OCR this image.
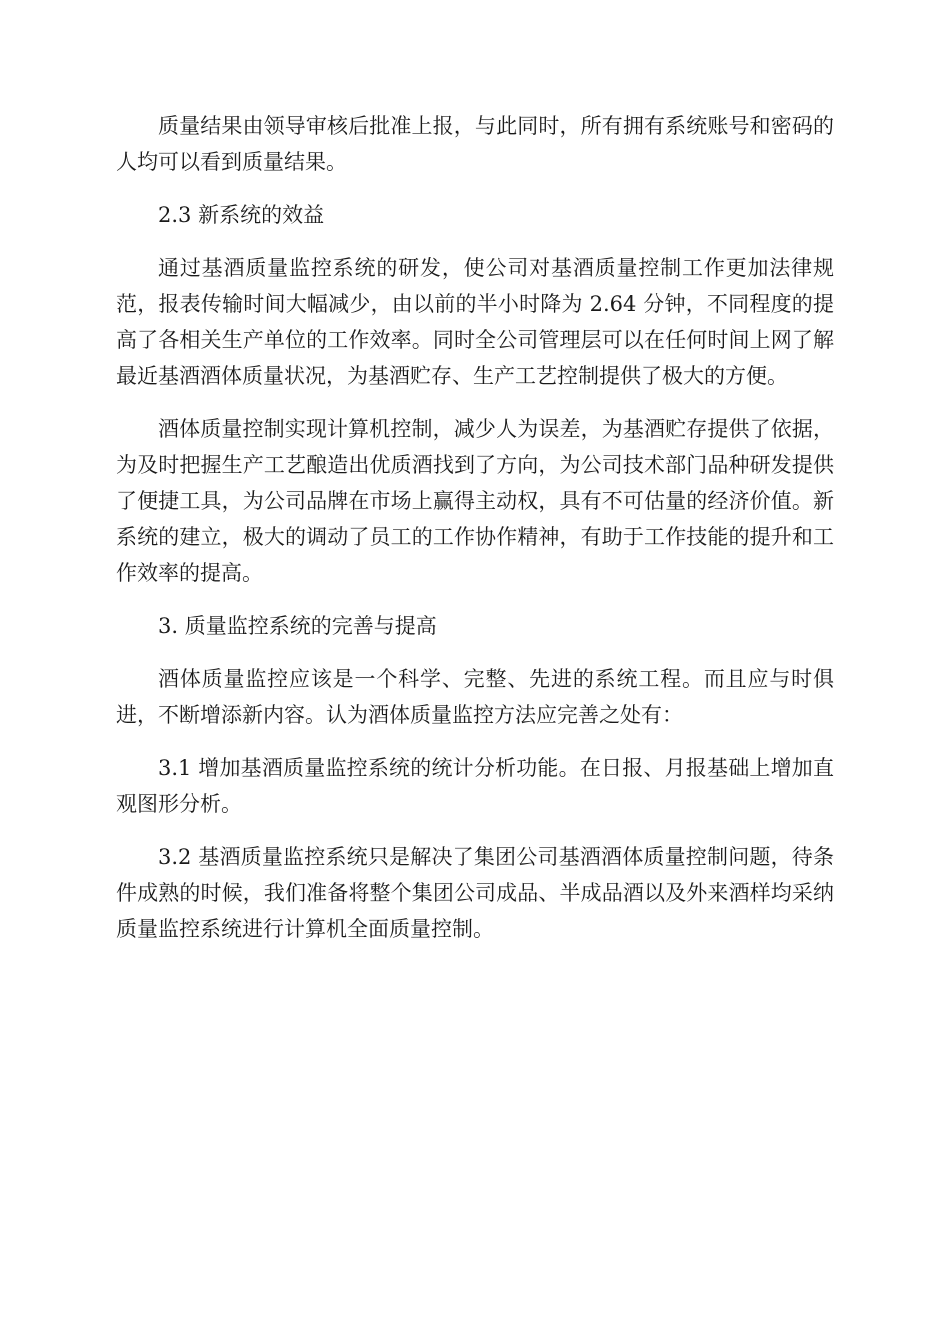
质量结果由领导审核后批准上报，与此同时，所有拥有系统账号和密码的人均可以看到质量结果。

2.3 新系统的效益

通过基酒质量监控系统的研发，使公司对基酒质量控制工作更加法律规范，报表传输时间大幅减少，由以前的半小时降为 2.64 分钟，不同程度的提高了各相关生产单位的工作效率。同时全公司管理层可以在任何时间上网了解最近基酒酒体质量状况，为基酒贮存、生产工艺控制提供了极大的方便。

酒体质量控制实现计算机控制，减少人为误差，为基酒贮存提供了依据，为及时把握生产工艺酿造出优质酒找到了方向，为公司技术部门品种研发提供了便捷工具，为公司品牌在市场上赢得主动权，具有不可估量的经济价值。新系统的建立，极大的调动了员工的工作协作精神，有助于工作技能的提升和工作效率的提高。

3. 质量监控系统的完善与提高

酒体质量监控应该是一个科学、完整、先进的系统工程。而且应与时俱进，不断增添新内容。认为酒体质量监控方法应完善之处有：

3.1 增加基酒质量监控系统的统计分析功能。在日报、月报基础上增加直观图形分析。

3.2 基酒质量监控系统只是解决了集团公司基酒酒体质量控制问题，待条件成熟的时候，我们准备将整个集团公司成品、半成品酒以及外来酒样均采纳质量监控系统进行计算机全面质量控制。
